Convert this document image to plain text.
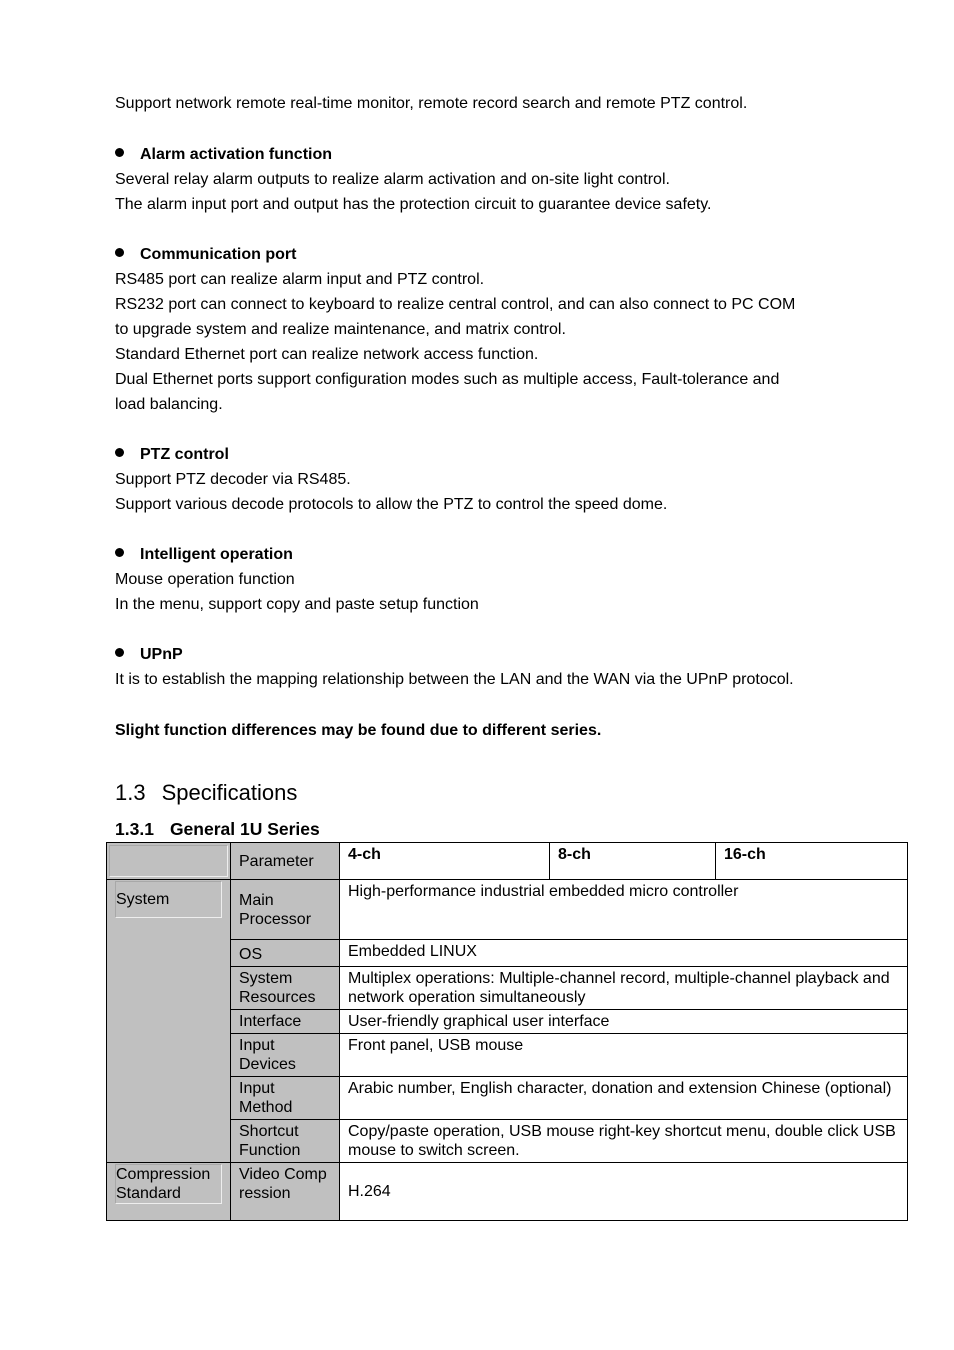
Support network remote real-time monitor, remote record search and remote PTZ control.

Alarm activation function

Several relay alarm outputs to realize alarm activation and on-site light control.

The alarm input port and output has the protection circuit to guarantee device safety.

Communication port

RS485 port can realize alarm input and PTZ control.

RS232 port can connect to keyboard to realize central control, and can also connect to PC COM

to upgrade system and realize maintenance, and matrix control.

Standard Ethernet port can realize network access function.

Dual Ethernet ports support configuration modes such as multiple access, Fault-tolerance and

load balancing.

PTZ control

Support PTZ decoder via RS485.

Support various decode protocols to allow the PTZ to control the speed dome.

Intelligent operation

Mouse operation function

In the menu, support copy and paste setup function

UPnP

It is to establish the mapping relationship between the LAN and the WAN via the UPnP protocol.

Slight function differences may be found due to different series.

1.3 Specifications
1.3.1 General 1U Series
	Parameter	4-ch	8-ch	16-ch

System	Main Processor	High-performance industrial embedded micro controller		
	OS	Embedded LINUX		
	System Resources	Multiplex operations: Multiple-channel record, multiple-channel playback and network operation simultaneously		
	Interface	User-friendly graphical user interface		
	Input Devices	Front panel, USB mouse		
	Input Method	Arabic number, English character, donation and extension Chinese (optional)		
	Shortcut Function	Copy/paste operation, USB mouse right-key shortcut menu, double click USB mouse to switch screen.		

Compression Standard	Video Compression	H.264		
